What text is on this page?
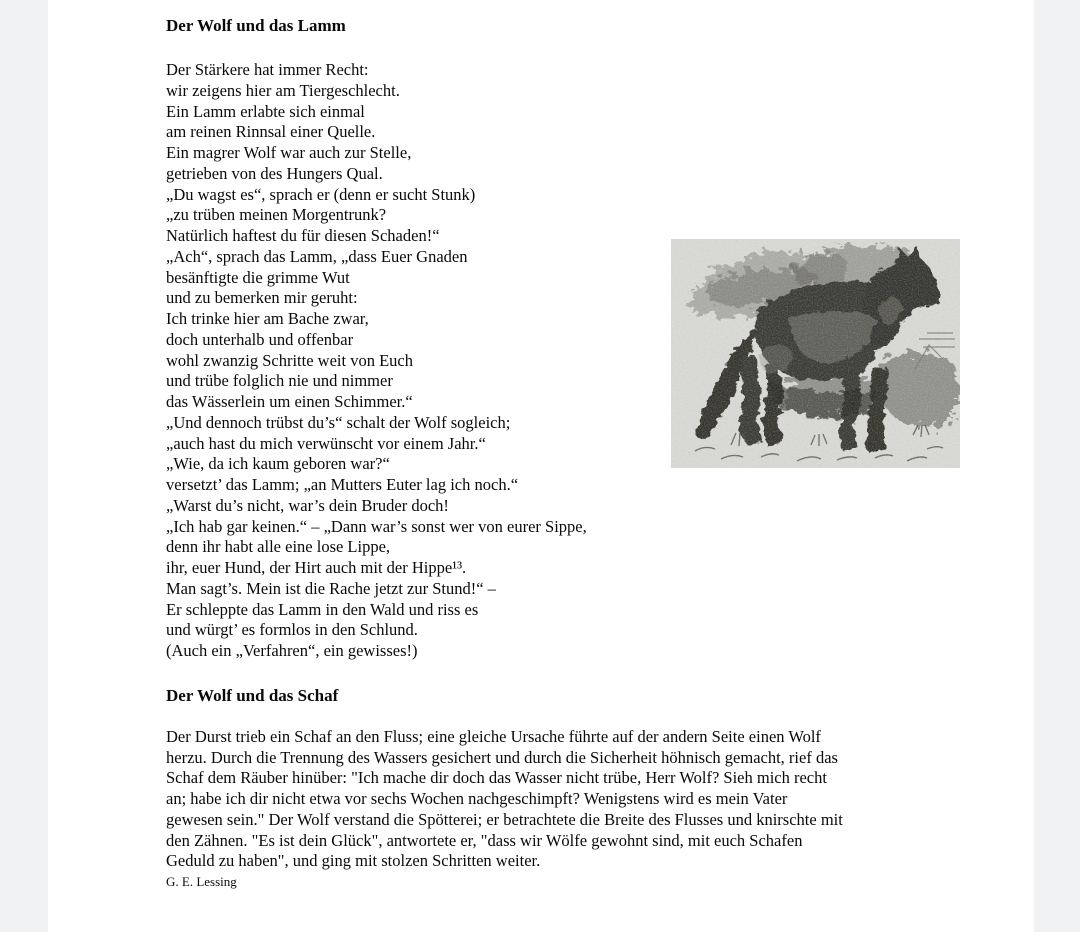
Der Wolf und das Lamm
Der Stärkere hat immer Recht:
wir zeigens hier am Tiergeschlecht.
Ein Lamm erlabte sich einmal
am reinen Rinnsal einer Quelle.
Ein magrer Wolf war auch zur Stelle,
getrieben von des Hungers Qual.
„Du wagst es“, sprach er (denn er sucht Stunk)
„zu trüben meinen Morgentrunk?
Natürlich haftest du für diesen Schaden!“
„Ach“, sprach das Lamm, „dass Euer Gnaden
besänftigte die grimme Wut
und zu bemerken mir geruht:
Ich trinke hier am Bache zwar,
doch unterhalb und offenbar
wohl zwanzig Schritte weit von Euch
und trübe folglich nie und nimmer
das Wässerlein um einen Schimmer.“
„Und dennoch trübst du’s“ schalt der Wolf sogleich;
„auch hast du mich verwünscht vor einem Jahr.“
„Wie, da ich kaum geboren war?“
versetzt’ das Lamm; „an Mutters Euter lag ich noch.“
„Warst du’s nicht, war’s dein Bruder doch!
„Ich hab gar keinen.“ – „Dann war’s sonst wer von eurer Sippe,
denn ihr habt alle eine lose Lippe,
ihr, euer Hund, der Hirt auch mit der Hippe¹³.
Man sagt’s. Mein ist die Rache jetzt zur Stund!“ –
Er schleppte das Lamm in den Wald und riss es
und würgt’ es formlos in den Schlund.
(Auch ein „Verfahren“, ein gewisses!)
Der Wolf und das Schaf
Der Durst trieb ein Schaf an den Fluss; eine gleiche Ursache führte auf der andern Seite einen Wolf
herzu. Durch die Trennung des Wassers gesichert und durch die Sicherheit höhnisch gemacht, rief das
Schaf dem Räuber hinüber: "Ich mache dir doch das Wasser nicht trübe, Herr Wolf? Sieh mich recht
an; habe ich dir nicht etwa vor sechs Wochen nachgeschimpft? Wenigstens wird es mein Vater
gewesen sein." Der Wolf verstand die Spötterei; er betrachtete die Breite des Flusses und knirschte mit
den Zähnen. "Es ist dein Glück", antwortete er, "dass wir Wölfe gewohnt sind, mit euch Schafen
Geduld zu haben", und ging mit stolzen Schritten weiter.
G. E. Lessing
